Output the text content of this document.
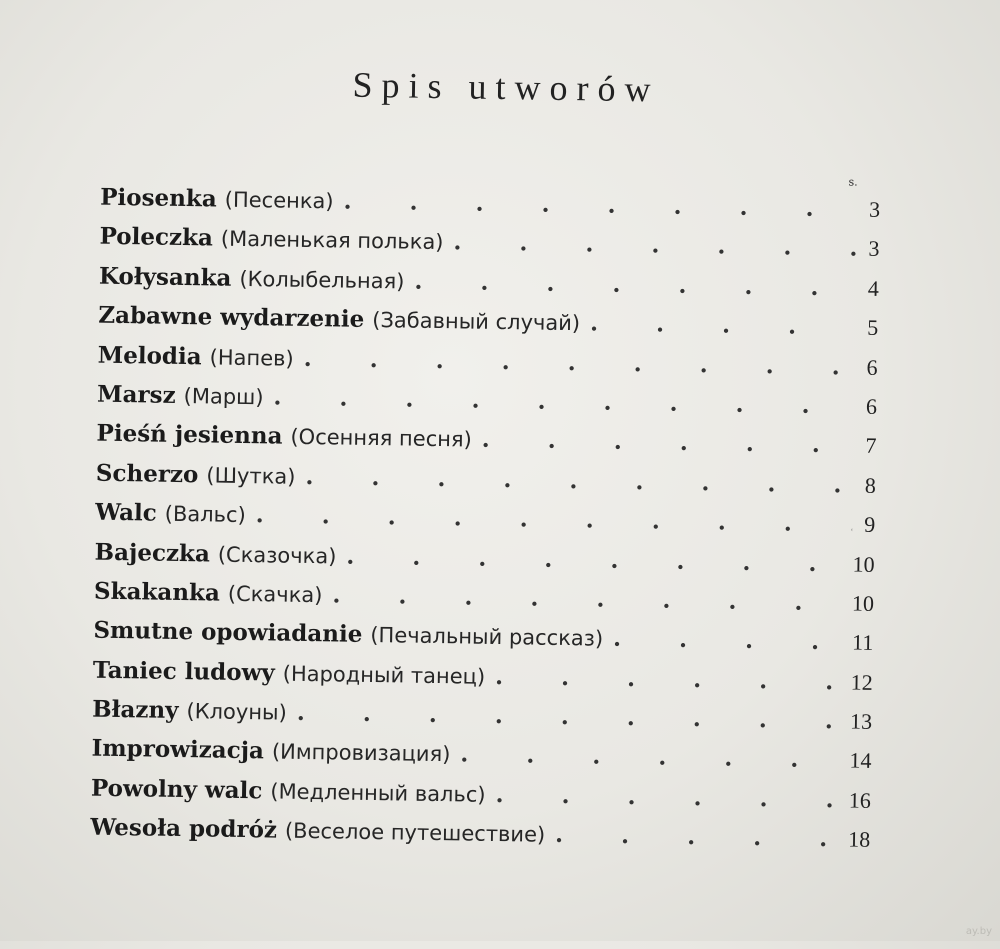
Spis utworów
s.
Piosenka (Песенка) . . .	3
Poleczka (Маленькая полька) . . .	3
Kołysanka (Колыбельная) . . .	4
Zabawne wydarzenie (Забавный случай) . . .	5
Melodia (Напев) . . .	6
Marsz (Марш) . . .	6
Pieśń jesienna (Осенняя песня) . . .	7
Scherzo (Шутка) . . .	8
Walc (Вальс) . . .	9
Bajeczka (Сказочка) . . .	10
Skakanka (Скачка) . . .	10
Smutne opowiadanie (Печальный рассказ) . . .	11
Taniec ludowy (Народный танец) . . .	12
Błazny (Клоуны) . . .	13
Improwizacja (Импровизация) . . .	14
Powolny walc (Медленный вальс) . . .	16
Wesoła podróż (Веселое путешествие) . . .	18
ay.by
